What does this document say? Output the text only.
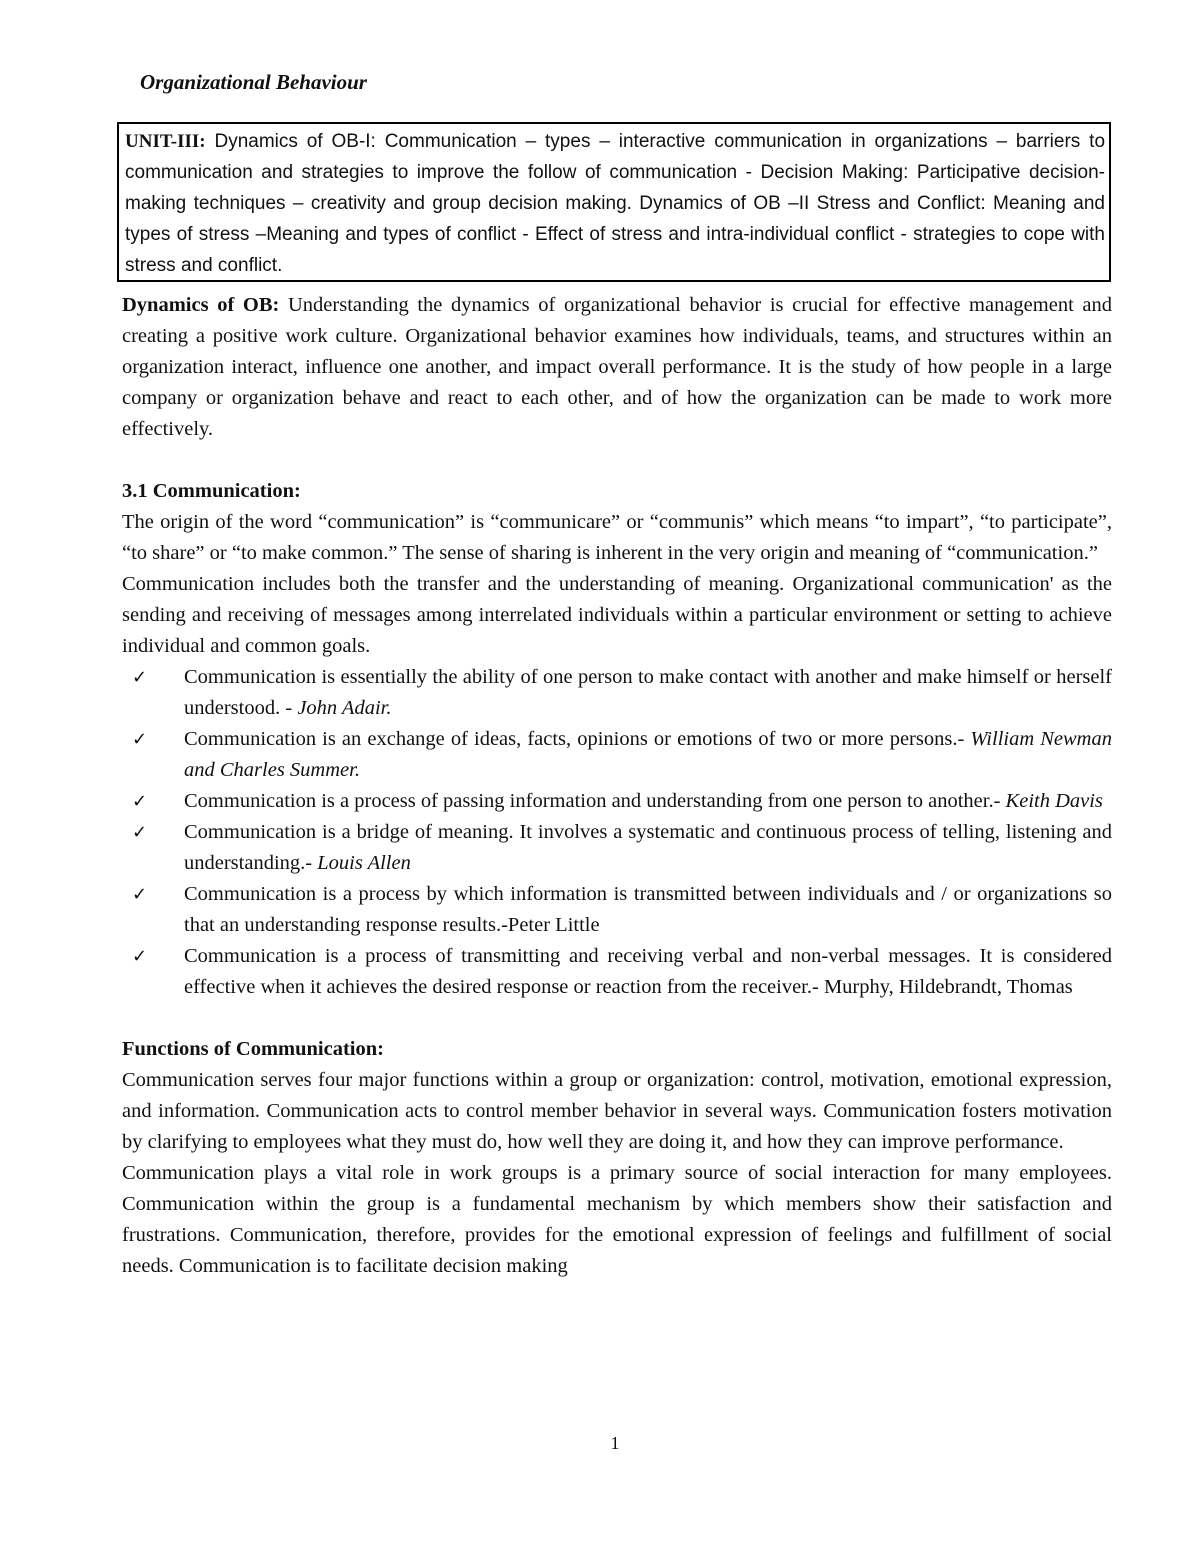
Organizational Behaviour
UNIT-III: Dynamics of OB-I: Communication – types – interactive communication in organizations – barriers to communication and strategies to improve the follow of communication - Decision Making: Participative decision-making techniques – creativity and group decision making. Dynamics of OB –II Stress and Conflict: Meaning and types of stress –Meaning and types of conflict - Effect of stress and intra-individual conflict - strategies to cope with stress and conflict.

Dynamics of OB: Understanding the dynamics of organizational behavior is crucial for effective management and creating a positive work culture. Organizational behavior examines how individuals, teams, and structures within an organization interact, influence one another, and impact overall performance. It is the study of how people in a large company or organization behave and react to each other, and of how the organization can be made to work more effectively.

3.1 Communication:

The origin of the word “communication” is “communicare” or “communis” which means “to impart”, “to participate”, “to share” or “to make common.” The sense of sharing is inherent in the very origin and meaning of “communication.”

Communication includes both the transfer and the understanding of meaning. Organizational communication' as the sending and receiving of messages among interrelated individuals within a particular environment or setting to achieve individual and common goals.

✓ Communication is essentially the ability of one person to make contact with another and make himself or herself understood. - John Adair.
✓ Communication is an exchange of ideas, facts, opinions or emotions of two or more persons.- William Newman and Charles Summer.
✓ Communication is a process of passing information and understanding from one person to another.- Keith Davis
✓ Communication is a bridge of meaning. It involves a systematic and continuous process of telling, listening and understanding.- Louis Allen
✓ Communication is a process by which information is transmitted between individuals and / or organizations so that an understanding response results.-Peter Little
✓ Communication is a process of transmitting and receiving verbal and non-verbal messages. It is considered effective when it achieves the desired response or reaction from the receiver.- Murphy, Hildebrandt, Thomas

Functions of Communication:

Communication serves four major functions within a group or organization: control, motivation, emotional expression, and information. Communication acts to control member behavior in several ways. Communication fosters motivation by clarifying to employees what they must do, how well they are doing it, and how they can improve performance.

Communication plays a vital role in work groups is a primary source of social interaction for many employees. Communication within the group is a fundamental mechanism by which members show their satisfaction and frustrations. Communication, therefore, provides for the emotional expression of feelings and fulfillment of social needs. Communication is to facilitate decision making

1
